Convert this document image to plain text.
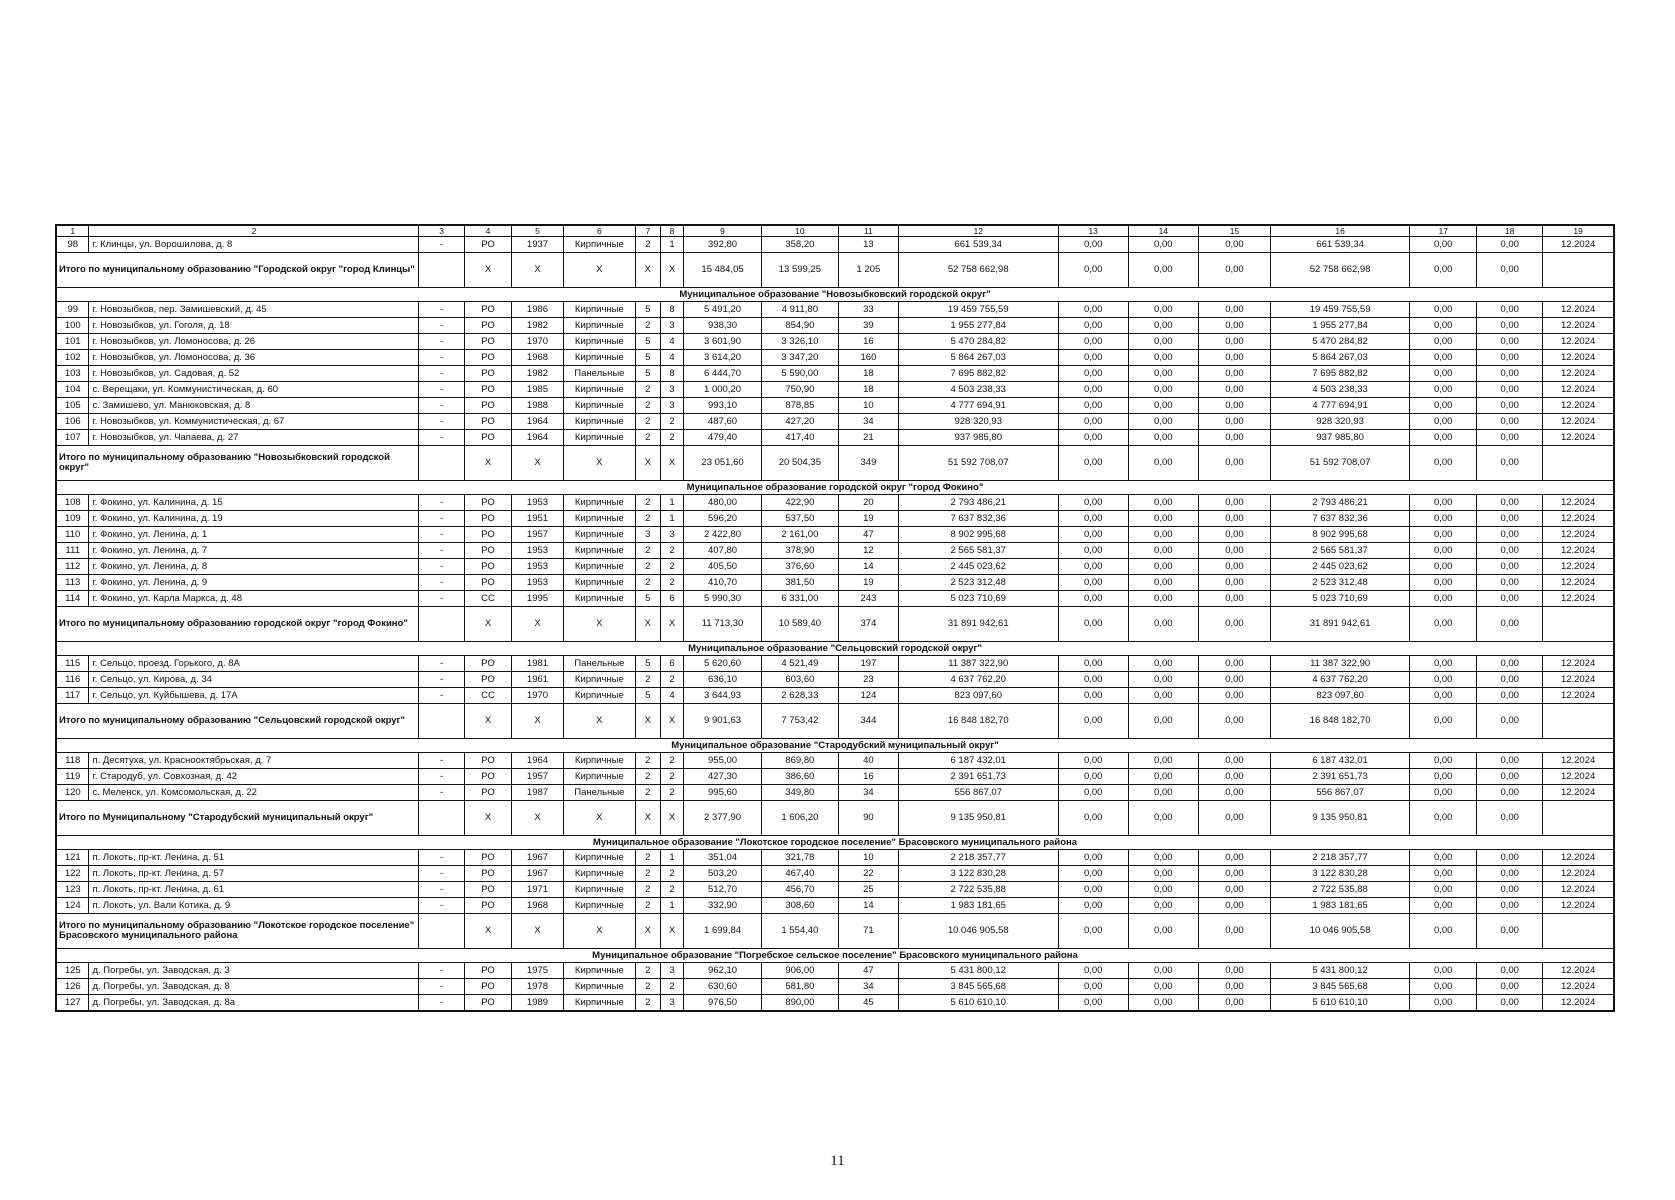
1	2	3	4	5	6	7	8	9	10	11	12	13	14	15	16	17	18	19
98	г. Клинцы, ул. Ворошилова, д. 8	-	РО	1937	Кирпичные	2	1	392,80	358,20	13	661 539,34	0,00	0,00	0,00	661 539,34	0,00	0,00	12.2024
Итого по муниципальному образованию "Городской округ "город Клинцы"			X	X	X	X	X	15 484,05	13 599,25	1 205	52 758 662,98	0,00	0,00	0,00	52 758 662,98	0,00	0,00	
Муниципальное образование "Новозыбковский городской округ"																		
99	г. Новозыбков, пер. Замишевский, д. 45	-	РО	1986	Кирпичные	5	8	5 491,20	4 911,80	33	19 459 755,59	0,00	0,00	0,00	19 459 755,59	0,00	0,00	12.2024
100	г. Новозыбков, ул. Гоголя, д. 18	-	РО	1982	Кирпичные	2	3	938,30	854,90	39	1 955 277,84	0,00	0,00	0,00	1 955 277,84	0,00	0,00	12.2024
101	г. Новозыбков, ул. Ломоносова, д. 26	-	РО	1970	Кирпичные	5	4	3 601,90	3 326,10	16	5 470 284,82	0,00	0,00	0,00	5 470 284,82	0,00	0,00	12.2024
102	г. Новозыбков, ул. Ломоносова, д. 36	-	РО	1968	Кирпичные	5	4	3 614,20	3 347,20	160	5 864 267,03	0,00	0,00	0,00	5 864 267,03	0,00	0,00	12.2024
103	г. Новозыбков, ул. Садовая, д. 52	-	РО	1982	Панельные	5	8	6 444,70	5 590,00	18	7 695 882,82	0,00	0,00	0,00	7 695 882,82	0,00	0,00	12.2024
104	с. Верещаки, ул. Коммунистическая, д. 60	-	РО	1985	Кирпичные	2	3	1 000,20	750,90	18	4 503 238,33	0,00	0,00	0,00	4 503 238,33	0,00	0,00	12.2024
105	с. Замишево, ул. Манюковская, д. 8	-	РО	1988	Кирпичные	2	3	993,10	878,85	10	4 777 694,91	0,00	0,00	0,00	4 777 694,91	0,00	0,00	12.2024
106	г. Новозыбков, ул. Коммунистическая, д. 67	-	РО	1964	Кирпичные	2	2	487,60	427,20	34	928 320,93	0,00	0,00	0,00	928 320,93	0,00	0,00	12.2024
107	г. Новозыбков, ул. Чапаева, д. 27	-	РО	1964	Кирпичные	2	2	479,40	417,40	21	937 985,80	0,00	0,00	0,00	937 985,80	0,00	0,00	12.2024
Итого по муниципальному образованию "Новозыбковский городской округ"			X	X	X	X	X	23 051,60	20 504,35	349	51 592 708,07	0,00	0,00	0,00	51 592 708,07	0,00	0,00	
Муниципальное образование городской округ "город Фокино"																		
108	г. Фокино, ул. Калинина, д. 15	-	РО	1953	Кирпичные	2	1	480,00	422,90	20	2 793 486,21	0,00	0,00	0,00	2 793 486,21	0,00	0,00	12.2024
109	г. Фокино, ул. Калинина, д. 19	-	РО	1951	Кирпичные	2	1	596,20	537,50	19	7 637 832,36	0,00	0,00	0,00	7 637 832,36	0,00	0,00	12.2024
110	г. Фокино, ул. Ленина, д. 1	-	РО	1957	Кирпичные	3	3	2 422,80	2 161,00	47	8 902 995,68	0,00	0,00	0,00	8 902 995,68	0,00	0,00	12.2024
111	г. Фокино, ул. Ленина, д. 7	-	РО	1953	Кирпичные	2	2	407,80	378,90	12	2 565 581,37	0,00	0,00	0,00	2 565 581,37	0,00	0,00	12.2024
112	г. Фокино, ул. Ленина, д. 8	-	РО	1953	Кирпичные	2	2	405,50	376,60	14	2 445 023,62	0,00	0,00	0,00	2 445 023,62	0,00	0,00	12.2024
113	г. Фокино, ул. Ленина, д. 9	-	РО	1953	Кирпичные	2	2	410,70	381,50	19	2 523 312,48	0,00	0,00	0,00	2 523 312,48	0,00	0,00	12.2024
114	г. Фокино, ул. Карла Маркса, д. 48	-	СС	1995	Кирпичные	5	6	5 990,30	6 331,00	243	5 023 710,69	0,00	0,00	0,00	5 023 710,69	0,00	0,00	12.2024
Итого по муниципальному образованию городской округ "город Фокино"			X	X	X	X	X	11 713,30	10 589,40	374	31 891 942,61	0,00	0,00	0,00	31 891 942,61	0,00	0,00	
Муниципальное образование "Сельцовский городской округ"																		
115	г. Сельцо, проезд. Горького, д. 8А	-	РО	1981	Панельные	5	6	5 620,60	4 521,49	197	11 387 322,90	0,00	0,00	0,00	11 387 322,90	0,00	0,00	12.2024
116	г. Сельцо, ул. Кирова, д. 34	-	РО	1961	Кирпичные	2	2	636,10	603,60	23	4 637 762,20	0,00	0,00	0,00	4 637 762,20	0,00	0,00	12.2024
117	г. Сельцо, ул. Куйбышева, д. 17А	-	СС	1970	Кирпичные	5	4	3 644,93	2 628,33	124	823 097,60	0,00	0,00	0,00	823 097,60	0,00	0,00	12.2024
Итого по муниципальному образованию "Сельцовский городской округ"			X	X	X	X	X	9 901,63	7 753,42	344	16 848 182,70	0,00	0,00	0,00	16 848 182,70	0,00	0,00	
Муниципальное образование "Стародубский муниципальный округ"																		
118	п. Десятуха, ул. Краснооктябрьская, д. 7	-	РО	1964	Кирпичные	2	2	955,00	869,80	40	6 187 432,01	0,00	0,00	0,00	6 187 432,01	0,00	0,00	12.2024
119	г. Стародуб, ул. Совхозная, д. 42	-	РО	1957	Кирпичные	2	2	427,30	386,60	16	2 391 651,73	0,00	0,00	0,00	2 391 651,73	0,00	0,00	12.2024
120	с. Меленск, ул. Комсомольская, д. 22	-	РО	1987	Панельные	2	2	995,60	349,80	34	556 867,07	0,00	0,00	0,00	556 867,07	0,00	0,00	12.2024
Итого по Муниципальному "Стародубский муниципальный округ"			X	X	X	X	X	2 377,90	1 606,20	90	9 135 950,81	0,00	0,00	0,00	9 135 950,81	0,00	0,00	
Муниципальное образование "Локотское городское поселение" Брасовского муниципального района																		
121	п. Локоть, пр-кт. Ленина, д. 51	-	РО	1967	Кирпичные	2	1	351,04	321,78	10	2 218 357,77	0,00	0,00	0,00	2 218 357,77	0,00	0,00	12.2024
122	п. Локоть, пр-кт. Ленина, д. 57	-	РО	1967	Кирпичные	2	2	503,20	467,40	22	3 122 830,28	0,00	0,00	0,00	3 122 830,28	0,00	0,00	12.2024
123	п. Локоть, пр-кт. Ленина, д. 61	-	РО	1971	Кирпичные	2	2	512,70	456,70	25	2 722 535,88	0,00	0,00	0,00	2 722 535,88	0,00	0,00	12.2024
124	п. Локоть, ул. Вали Котика, д. 9	-	РО	1968	Кирпичные	2	1	332,90	308,60	14	1 983 181,65	0,00	0,00	0,00	1 983 181,65	0,00	0,00	12.2024
Итого по муниципальному образованию "Локотское городское поселение" Брасовского муниципального района			X	X	X	X	X	1 699,84	1 554,40	71	10 046 905,58	0,00	0,00	0,00	10 046 905,58	0,00	0,00	
Муниципальное образование "Погребское сельское поселение" Брасовского муниципального района																		
125	д. Погребы, ул. Заводская, д. 3	-	РО	1975	Кирпичные	2	3	962,10	906,00	47	5 431 800,12	0,00	0,00	0,00	5 431 800,12	0,00	0,00	12.2024
126	д. Погребы, ул. Заводская, д. 8	-	РО	1978	Кирпичные	2	2	630,60	581,80	34	3 845 565,68	0,00	0,00	0,00	3 845 565,68	0,00	0,00	12.2024
127	д. Погребы, ул. Заводская, д. 8а	-	РО	1989	Кирпичные	2	3	976,50	890,00	45	5 610 610,10	0,00	0,00	0,00	5 610 610,10	0,00	0,00	12.2024
11
